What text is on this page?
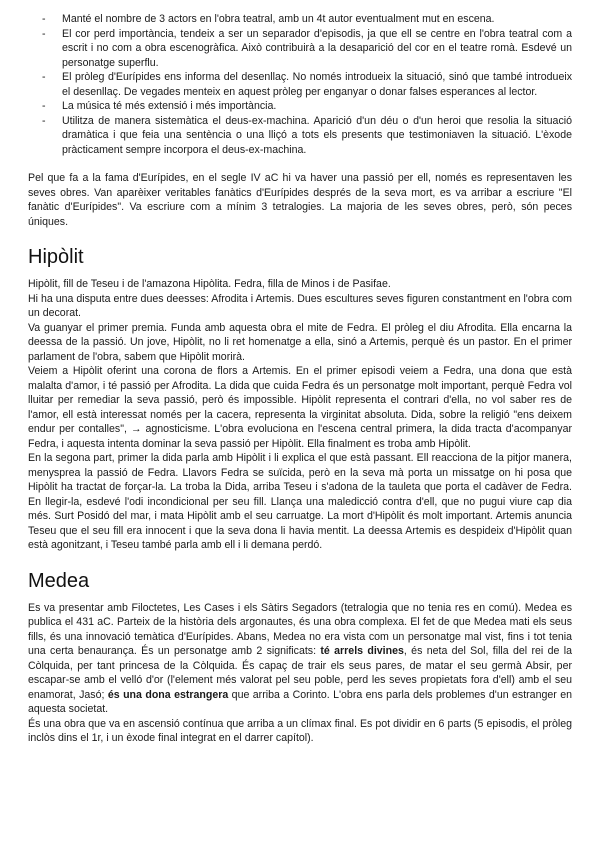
- Manté el nombre de 3 actors en l'obra teatral, amb un 4t autor eventualment mut en escena.
- El cor perd importància, tendeix a ser un separador d'episodis, ja que ell se centre en l'obra teatral com a escrit i no com a obra escenogràfica. Això contribuirà a la desaparició del cor en el teatre romà. Esdevé un personatge superflu.
- El pròleg d'Eurípides ens informa del desenllaç. No només introdueix la situació, sinó que també introdueix el desenllaç. De vegades menteix en aquest pròleg per enganyar o donar falses esperances al lector.
- La música té més extensió i més importància.
- Utilitza de manera sistemàtica el deus-ex-machina. Aparició d'un déu o d'un heroi que resolia la situació dramàtica i que feia una sentència o una lliçó a tots els presents que testimoniaven la situació. L'èxode pràcticament sempre incorpora el deus-ex-machina.

Pel que fa a la fama d'Eurípides, en el segle IV aC hi va haver una passió per ell, només es representaven les seves obres. Van aparèixer veritables fanàtics d'Eurípides després de la seva mort, es va arribar a escriure "El fanàtic d'Eurípides". Va escriure com a mínim 3 tetralogies. La majoria de les seves obres, però, són peces úniques.

Hipòlit

Hipòlit, fill de Teseu i de l'amazona Hipòlita. Fedra, filla de Minos i de Pasifae.

Hi ha una disputa entre dues deesses: Afrodita i Artemis. Dues escultures seves figuren constantment en l'obra com un decorat.

Va guanyar el primer premia. Funda amb aquesta obra el mite de Fedra. El pròleg el diu Afrodita. Ella encarna la deessa de la passió. Un jove, Hipòlit, no li ret homenatge a ella, sinó a Artemis, perquè és un pastor. En el primer parlament de l'obra, sabem que Hipòlit morirà.

Veiem a Hipòlit oferint una corona de flors a Artemis. En el primer episodi veiem a Fedra, una dona que està malalta d'amor, i té passió per Afrodita. La dida que cuida Fedra és un personatge molt important, perquè Fedra vol lluitar per remediar la seva passió, però és impossible. Hipòlit representa el contrari d'ella, no vol saber res de l'amor, ell està interessat només per la cacera, representa la virginitat absoluta. Dida, sobre la religió "ens deixem endur per contalles", → agnosticisme. L'obra evoluciona en l'escena central primera, la dida tracta d'acompanyar Fedra, i aquesta intenta dominar la seva passió per Hipòlit. Ella finalment es troba amb Hipòlit.

En la segona part, primer la dida parla amb Hipòlit i li explica el que està passant. Ell reacciona de la pitjor manera, menyspreа la passió de Fedra. Llavors Fedra se suïcida, però en la seva mà porta un missatge on hi posa que Hipòlit ha tractat de forçar-la. La troba la Dida, arriba Teseu i s'adona de la tauleta que porta el cadàver de Fedra. En llegir-la, esdevé l'odi incondicional per seu fill. Llança una maledicció contra d'ell, que no pugui viure cap dia més. Surt Posidó del mar, i mata Hipòlit amb el seu carruatge. La mort d'Hipòlit és molt important. Artemis anuncia Teseu que el seu fill era innocent i que la seva dona li havia mentit. La deessa Artemis es despideix d'Hipòlit quan està agonitzant, i Teseu també parla amb ell i li demana perdó.

Medea

Es va presentar amb Filoctetes, Les Cases i els Sàtirs Segadors (tetralogia que no tenia res en comú). Medea es publica el 431 aC. Parteix de la història dels argonautes, és una obra complexa. El fet de que Medea mati els seus fills, és una innovació temàtica d'Eurípides. Abans, Medea no era vista com un personatge mal vist, fins i tot tenia una certa benaurança. És un personatge amb 2 significats: té arrels divines, és neta del Sol, filla del rei de la Còlquida, per tant princesa de la Còlquida. És capaç de trair els seus pares, de matar el seu germà Absir, per escapar-se amb el velló d'or (l'element més valorat pel seu poble, perd les seves propietats fora d'ell) amb el seu enamorat, Jasó; és una dona estrangera que arriba a Corinto. L'obra ens parla dels problemes d'un estranger en aquesta societat.

És una obra que va en ascensió contínua que arriba a un clímax final. Es pot dividir en 6 parts (5 episodis, el pròleg inclòs dins el 1r, i un èxode final integrat en el darrer capítol).
